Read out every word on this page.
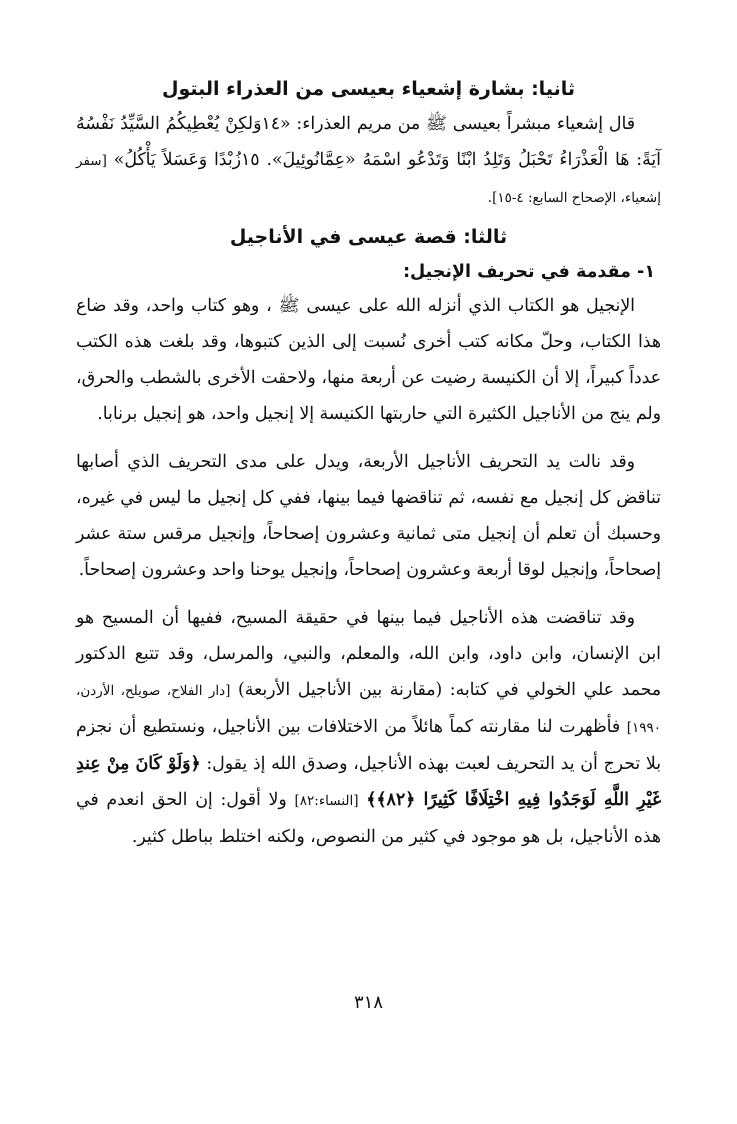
ثانيا: بشارة إشعياء بعيسى من العذراء البتول

قال إشعياء مبشراً بعيسى ﷺ من مريم العذراء: «١٤وَلكِنْ يُعْطِيكُمُ السَّيِّدُ نَفْسُهُ آيَةً: هَا الْعَذْرَاءُ تَحْبَلُ وَتَلِدُ ابْنًا وَتَدْعُو اسْمَهُ «عِمَّانُوئِيلَ». ١٥زُبْدًا وَعَسَلاً يَأْكُلُ» [سفر إشعياء، الإصحاح السابع: ٤-١٥].

ثالثا: قصة عيسى في الأناجيل
١- مقدمة في تحريف الإنجيل:

الإنجيل هو الكتاب الذي أنزله الله على عيسى ﷺ ، وهو كتاب واحد، وقد ضاع هذا الكتاب، وحلّ مكانه كتب أخرى نُسبت إلى الذين كتبوها، وقد بلغت هذه الكتب عدداً كبيراً، إلا أن الكنيسة رضيت عن أربعة منها، ولاحقت الأخرى بالشطب والحرق، ولم ينج من الأناجيل الكثيرة التي حاربتها الكنيسة إلا إنجيل واحد، هو إنجيل برنابا.

وقد نالت يد التحريف الأناجيل الأربعة، ويدل على مدى التحريف الذي أصابها تناقض كل إنجيل مع نفسه، ثم تناقضها فيما بينها، ففي كل إنجيل ما ليس في غيره، وحسبك أن تعلم أن إنجيل متى ثمانية وعشرون إصحاحاً، وإنجيل مرقس ستة عشر إصحاحاً، وإنجيل لوقا أربعة وعشرون إصحاحاً، وإنجيل يوحنا واحد وعشرون إصحاحاً.

وقد تناقضت هذه الأناجيل فيما بينها في حقيقة المسيح، ففيها أن المسيح هو ابن الإنسان، وابن داود، وابن الله، والمعلم، والنبي، والمرسل، وقد تتبع الدكتور محمد علي الخولي في كتابه: (مقارنة بين الأناجيل الأربعة) [دار الفلاح، صويلح، الأردن، ١٩٩٠] فأظهرت لنا مقارنته كماً هائلاً من الاختلافات بين الأناجيل، ونستطيع أن نجزم بلا تحرج أن يد التحريف لعبت بهذه الأناجيل، وصدق الله إذ يقول: ﴿وَلَوْ كَانَ مِنْ عِندِ غَيْرِ اللَّهِ لَوَجَدُوا فِيهِ اخْتِلَافًا كَثِيرًا ﴿٨٢﴾﴾ [النساء:٨٢] ولا أقول: إن الحق انعدم في هذه الأناجيل، بل هو موجود في كثير من النصوص، ولكنه اختلط بباطل كثير.

٣١٨
